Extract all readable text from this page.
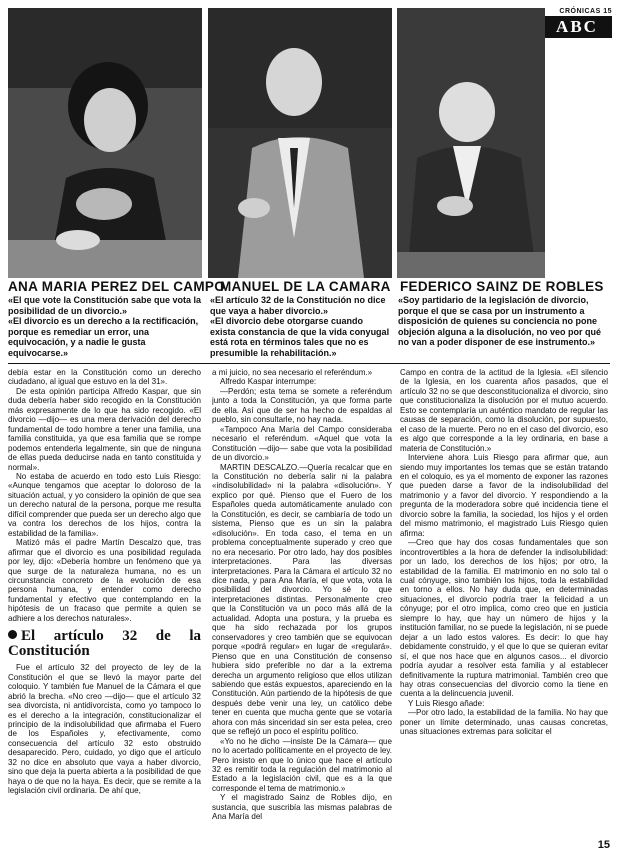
CRÓNICAS 15
ABC
ANA MARIA PEREZ DEL CAMPO
MANUEL DE LA CAMARA FEDERICO SAINZ DE ROBLES

«El que vote la Constitución sabe que vota la posibilidad de un divorcio.»

«El divorcio es un derecho a la rectificación, porque es remediar un error, una equivocación, y a nadie le gusta equivocarse.»

«El artículo 32 de la Constitución no dice que vaya a haber divorcio.»

«El divorcio debe otorgarse cuando exista constancia de que la vida conyugal está rota en términos tales que no es presumible la rehabilitación.»

«Soy partidario de la legislación de divorcio, porque el que se casa por un instrumento a disposición de quienes su conciencia no pone objeción alguna a la disolución, no veo por qué no van a poder disponer de ese instrumento.»

debía estar en la Constitución como un derecho ciudadano, al igual que estuvo en la del 31».

De esta opinión participa Alfredo Kaspar, que sin duda debería haber sido recogido en la Constitución más expresamente de lo que ha sido recogido. «El divorcio —dijo— es una mera derivación del derecho fundamental de todo hombre a tener una familia, una familia constituida, ya que esa familia que se rompe podemos entenderla legalmente, sin que de ninguna de ellas pueda deducirse nada en tanto constituida y normal».

No estaba de acuerdo en todo esto Luis Riesgo: «Aunque tengamos que aceptar lo doloroso de la situación actual, y yo considero la opinión de que sea un derecho natural de la persona, porque me resulta difícil comprender que pueda ser un derecho algo que va contra los derechos de los hijos, contra la estabilidad de la familia».

Matizó más el padre Martín Descalzo que, tras afirmar que el divorcio es una posibilidad regulada por ley, dijo: «Debería hombre un fenómeno que ya que surge de la naturaleza humana, no es un circunstancia concreto de la evolución de esa persona humana, y entender como derecho fundamental y efectivo que contemplando en la hipótesis de un fracaso que permite a quien se adhiere a los derechos naturales».

El artículo 32 de la Constitución

Fue el artículo 32 del proyecto de ley de la Constitución el que se llevó la mayor parte del coloquio. Y también fue Manuel de la Cámara el que abrió la brecha. «No creo —dijo— que el artículo 32 sea divorcista, ni antidivorcista, como yo tampoco lo es el derecho a la integración, constitucionalizar el principio de la indisolubilidad que afirmaba el Fuero de los Españoles y, efectivamente, como consecuencia del artículo 32 esto obstruido desaparecido. Pero, cuidado, yo digo que el artículo 32 no dice en absoluto que vaya a haber divorcio, sino que deja la puerta abierta a la posibilidad de que haya o de que no la haya. Es decir, que se remite a la legislación civil ordinaria. De ahí que,

a mi juicio, no sea necesario el referéndum.»

Alfredo Kaspar interrumpe:

—Perdón; esta tema se somete a referéndum junto a toda la Constitución, ya que forma parte de ella. Así que de ser ha hecho de espaldas al pueblo, sin consultarle, no hay nada.

«Tampoco Ana María del Campo consideraba necesario el referéndum. «Aquel que vota la Constitución —dijo— sabe que vota la posibilidad de un divorcio.»

MARTIN DESCALZO.—Quería recalcar que en la Constitución no debería salir ni la palabra «indisolubilidad» ni la palabra «disolución». Y explico por qué. Pienso que el Fuero de los Españoles queda automáticamente anulado con la Constitución, es decir, se cambiaría de todo un sistema, Pienso que es un sin la palabra «disolución». En toda caso, el tema en un problema conceptualmente superado y creo que no era necesario. Por otro lado, hay dos posibles interpretaciones. Para las diversas interpretaciones. Para la Cámara el artículo 32 no dice nada, y para Ana María, el que vota, vota la posibilidad del divorcio. Yo sé lo que interpretaciones distintas. Personalmente creo que la Constitución va un poco más allá de la actualidad. Adopta una postura, y la prueba es que ha sido rechazada por los grupos conservadores y creo también que se equivocan porque «podrá regular» en lugar de «regulará». Pienso que en una Constitución de consenso hubiera sido preferible no dar a la extrema derecha un argumento religioso que ellos utilizan sabiendo que estás expuestos, apareciendo en la Constitución. Aún partiendo de la hipótesis de que después debe venir una ley, un católico debe tener en cuenta que mucha gente que se votaría ahora con más sinceridad sin ser esta pelea, creo que se reflejó un poco el espíritu político.

«Yo no he dicho —insiste De la Cámara— que no lo acertado políticamente en el proyecto de ley. Pero insisto en que lo único que hace el artículo 32 es remitir toda la regulación del matrimonio al Estado a la legislación civil, que es a la que corresponde el tema de matrimonio.»

Y el magistrado Sainz de Robles dijo, en sustancia, que suscribía las mismas palabras de Ana María del

Campo en contra de la actitud de la Iglesia. «El silencio de la Iglesia, en los cuarenta años pasados, que el artículo 32 no se que desconstitucionaliza el divorcio, sino que constitucionaliza la disolución por el mutuo acuerdo. Esto se contemplaría un auténtico mandato de regular las causas de separación, como la disolución, por supuesto, el caso de la muerte. Pero no en el caso del divorcio, eso es algo que corresponde a la ley ordinaria, en base a materia de Constitución.»

Interviene ahora Luis Riesgo para afirmar que, aun siendo muy importantes los temas que se están tratando en el coloquio, es ya el momento de exponer las razones que pueden darse a favor de la indisolubilidad del matrimonio y a favor del divorcio. Y respondiendo a la pregunta de la moderadora sobre qué incidencia tiene el divorcio sobre la familia, la sociedad, los hijos y el orden del mismo matrimonio, el magistrado Luis Riesgo quien afirma:

—Creo que hay dos cosas fundamentales que son incontrovertibles a la hora de defender la indisolubilidad: por un lado, los derechos de los hijos; por otro, la estabilidad de la familia. El matrimonio en no solo tal o cual cónyuge, sino también los hijos, toda la estabilidad en torno a ellos. No hay duda que, en determinadas situaciones, el divorcio podría traer la felicidad a un cónyuge; por el otro implica, como creo que en justicia siempre lo hay, que hay un número de hijos y la institución familiar, no se puede la legislación, ni se puede dejar a un lado estos valores. Es decir: lo que hay debidamente construido, y el que lo que se quieran evitar sí, el que nos hace que en algunos casos... el divorcio podría ayudar a resolver esta familia y al establecer definitivamente la ruptura matrimonial. También creo que hay otras consecuencias del divorcio como la tiene en cuenta a la delincuencia juvenil.

Y Luis Riesgo añade:

—Por otro lado, la estabilidad de la familia. No hay que poner un límite determinado, unas causas concretas, unas situaciones extremas para solicitar el

15
